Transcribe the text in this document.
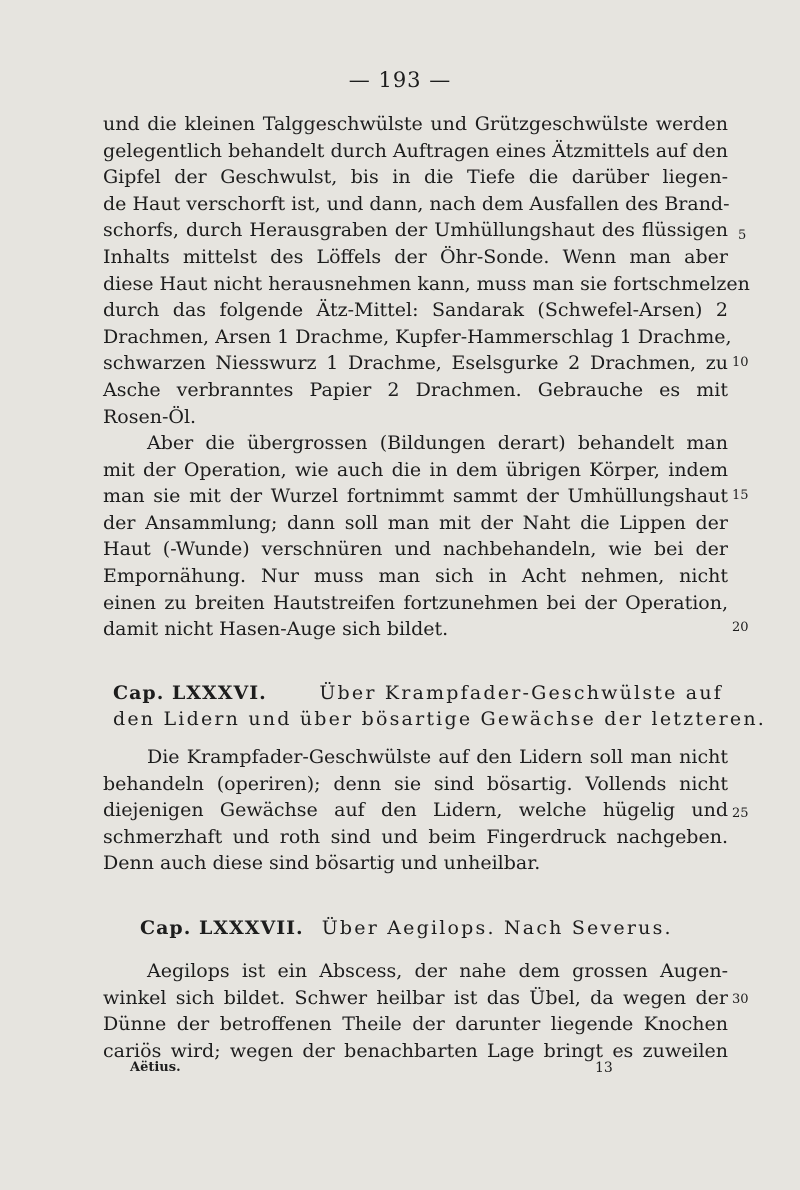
— 193 —
und die kleinen Talggeschwülste und Grützgeschwülste werden
gelegentlich behandelt durch Auftragen eines Ätzmittels auf den
Gipfel der Geschwulst, bis in die Tiefe die darüber liegen-
de Haut verschorft ist, und dann, nach dem Ausfallen des Brand-
schorfs, durch Herausgraben der Umhüllungshaut des flüssigen
Inhalts mittelst des Löffels der Öhr-Sonde. Wenn man aber
diese Haut nicht herausnehmen kann, muss man sie fortschmelzen
durch das folgende Ätz-Mittel: Sandarak (Schwefel-Arsen) 2
Drachmen, Arsen 1 Drachme, Kupfer-Hammerschlag 1 Drachme,
schwarzen Niesswurz 1 Drachme, Eselsgurke 2 Drachmen, zu
Asche verbranntes Papier 2 Drachmen. Gebrauche es mit
Rosen-Öl.
Aber die übergrossen (Bildungen derart) behandelt man
mit der Operation, wie auch die in dem übrigen Körper, indem
man sie mit der Wurzel fortnimmt sammt der Umhüllungshaut
der Ansammlung; dann soll man mit der Naht die Lippen der
Haut (-Wunde) verschnüren und nachbehandeln, wie bei der
Empornähung. Nur muss man sich in Acht nehmen, nicht
einen zu breiten Hautstreifen fortzunehmen bei der Operation,
damit nicht Hasen-Auge sich bildet.
Cap. LXXXVI.	Über Krampfader-Geschwülste auf
den Lidern und über bösartige Gewächse der letzteren.
Die Krampfader-Geschwülste auf den Lidern soll man nicht
behandeln (operiren); denn sie sind bösartig. Vollends nicht
diejenigen Gewächse auf den Lidern, welche hügelig und
schmerzhaft und roth sind und beim Fingerdruck nachgeben.
Denn auch diese sind bösartig und unheilbar.
Cap. LXXXVII. Über Aegilops. Nach Severus.
Aegilops ist ein Abscess, der nahe dem grossen Augen-
winkel sich bildet. Schwer heilbar ist das Übel, da wegen der
Dünne der betroffenen Theile der darunter liegende Knochen
cariös wird; wegen der benachbarten Lage bringt es zuweilen
5
10
15
20
25
30
Aëtius.	13
